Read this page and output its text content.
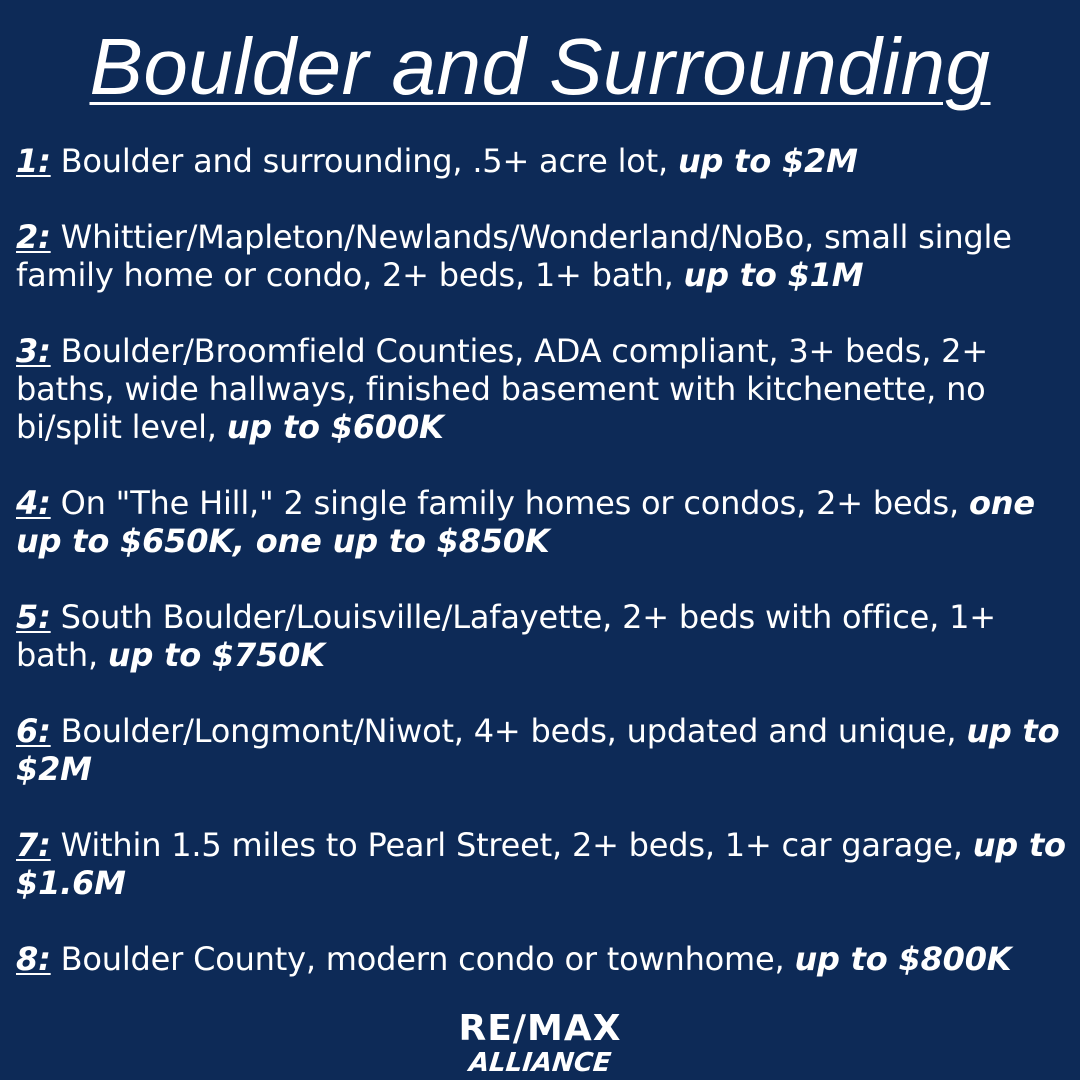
Boulder and Surrounding
1: Boulder and surrounding, .5+ acre lot, up to $2M
2: Whittier/Mapleton/Newlands/Wonderland/NoBo, small single family home or condo, 2+ beds, 1+ bath, up to $1M
3: Boulder/Broomfield Counties, ADA compliant, 3+ beds, 2+ baths, wide hallways, finished basement with kitchenette, no bi/split level, up to $600K
4: On "The Hill," 2 single family homes or condos, 2+ beds, one up to $650K, one up to $850K
5: South Boulder/Louisville/Lafayette, 2+ beds with office, 1+ bath, up to $750K
6: Boulder/Longmont/Niwot, 4+ beds, updated and unique, up to $2M
7: Within 1.5 miles to Pearl Street, 2+ beds, 1+ car garage, up to $1.6M
8: Boulder County, modern condo or townhome, up to $800K
RE/MAX
ALLIANCE
